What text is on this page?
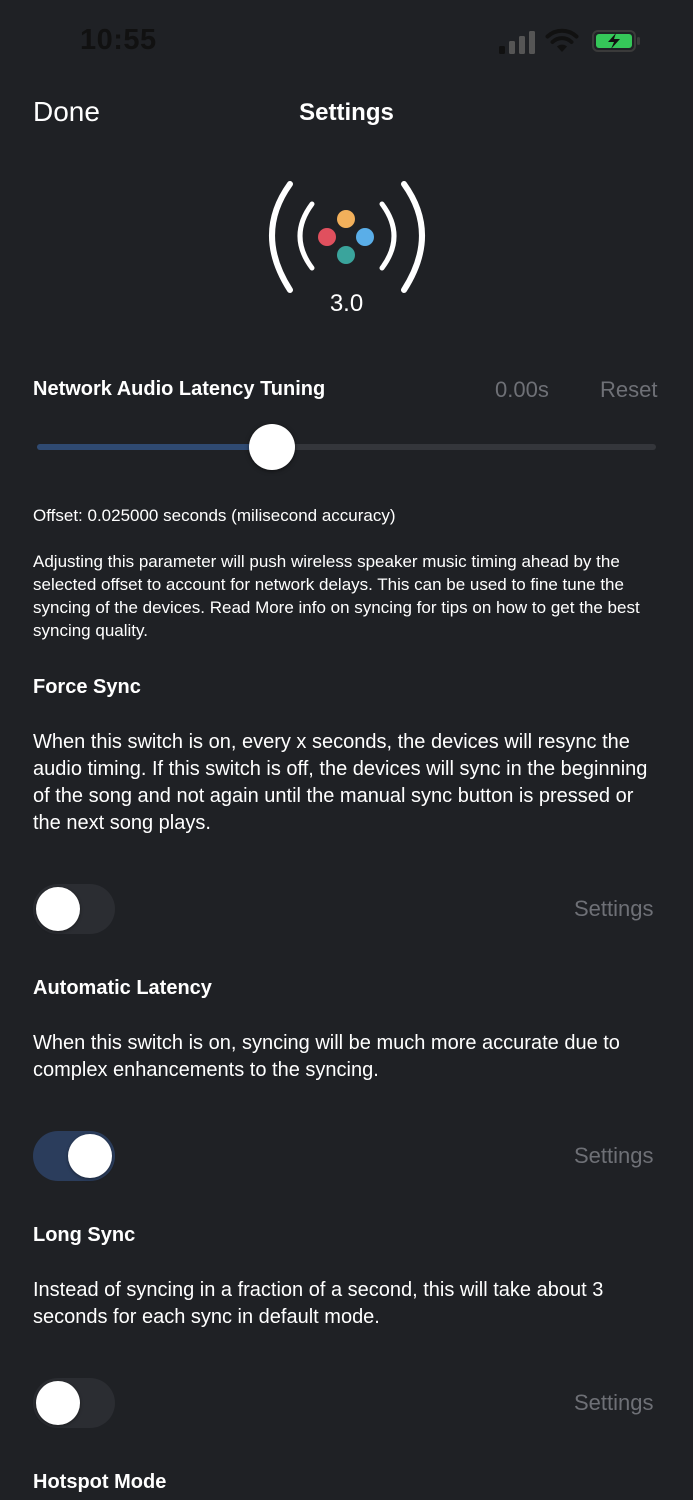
10:55
Done	Settings
3.0
Network Audio Latency Tuning	0.00s Reset
Offset: 0.025000 seconds (milisecond accuracy)
Adjusting this parameter will push wireless speaker music timing ahead by the selected offset to account for network delays. This can be used to fine tune the syncing of the devices. Read More info on syncing for tips on how to get the best syncing quality.
Force Sync
When this switch is on, every x seconds, the devices will resync the audio timing. If this switch is off, the devices will sync in the beginning of the song and not again until the manual sync button is pressed or the next song plays.
Settings
Automatic Latency
When this switch is on, syncing will be much more accurate due to complex enhancements to the syncing.
Settings
Long Sync
Instead of syncing in a fraction of a second, this will take about 3 seconds for each sync in default mode.
Settings
Hotspot Mode
